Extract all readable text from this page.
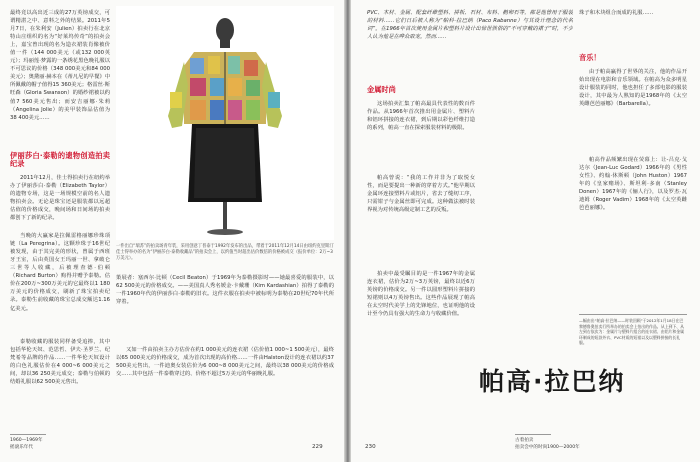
最终竞以高出近三成的27万英镑成交，可谓精湛之中、意料之外的结果。2011年5月7日，在朱利安（Julien）拍卖行在北京特山庄组织的名为“好莱坞传奇”的拍卖会上，嘉宝曾出现的名为造衣裙装肖像被价值一件（144 000美元（或132 000英元）；玛丽莲·梦露的一条绣花黑色晚礼服以不可思议的价格（348 000美元和84 000美元）；奥黛丽·赫本在《蒂凡尼的早餐》中所佩戴的帽子值得15 360美元；格雷丝·斯旺森（Gloria Swanson）的婚纱裙被以约值7 560美元售出；而安吉丽娜·朱莉（Angelina Jolie）的美甲装饰品估值为38 400美元……

伊丽莎白·泰勒的遗物创造拍卖纪录

2011年12月，佳士得拍卖行在纽约举办了伊丽莎白·泰勒（Elizabeth Taylor）的遗物专场，这是一场规模空前的名人遗物拍卖会。无论是珠宝还是服装都以远超估值的价格成交，晚间场和日间场的拍卖都创下了新的纪录。

当晚的大赢家是拉佩雷格丽娜珍珠项链（La Peregrina）。这颗珍珠于16世纪被发现，由于其完美的形状，曾属于西班牙王室，后由英国女王玛丽一世、拿破仑三世等人收藏，后被理查德·伯顿（Richard Burton）购得并赠予泰勒。估价在200万~300万美元的它最终以1 180万美元的价格成交，刷新了珠宝拍卖纪录。泰勒生前收藏的珠宝总成交额达1.16亿美元。

泰勒收藏的服装同样备受追捧，其中包括华伦天奴、范思哲、伊夫·圣罗兰、纪梵希等品牌的作品……一件华伦天奴设计的白色礼服估价在4 000~6 000美元之间，却以36 250美元成交；泰勒与伯顿的结婚礼服以62 500美元售出。

一件出自“瑞苏”的拍卖场青年装，采用创意丁普泰于1992年发布的出品，带着于2011年12月14日由纽约克里斯汀佳士得举办的名为“伊丽莎白·泰勒收藏品”的拍卖会上，以约值当时超出估价数倍的价格被成交（报价单位：2万~3万美元）。

策展者：塞西尔·比顿（Cecil Beaton）于1969年为泰勒摄影时——她最喜爱的服装中，以62 500美元的价格成交。——美国真人秀名媛金·卡戴珊（Kim Kardashian）拍得了泰勒的一件1960年代的伊丽莎白·泰勒的旧衣。这件衣服在拍卖中被标明为泰勒在20世纪70年代所穿着。

又如一件由拍卖主办方估价在约1 000美元的连衣裙（估价值1 000~1 500美元），最终以65 000美元的价格成交，成为首次出现的高价格……一件由Halston设计的连衣裙以约37 500美元售出，一件迪奥女装估价为6 000~8 000美元之间，最终以38 000美元的价格成交……其中包括一件泰勒穿过的、价格不超过5万美元的华丽晚礼服。

1960—1969年
摇滚乐年代	229

PVC、木材、金属、配套纤维塑料、拼板、石材、布料、鹅卵石等，都是他曾用于服装的材料……它们日后被人称为“帕科·拉巴纳（Paco Rabanne）与其设计理念的代名词”。在1966年首次使用金属片和塑料片设计出惊世骇俗的“不可穿戴的裙子”时，不少人认为他是在哗众取宠。然而……

金属时尚

这场拍卖汇集了帕高最具代表性的数百件作品。从1966年首次推出用金属片、塑料片和铝环拼接的连衣裙，到后期以彩色纤维打造的系列，帕高一直在探索服装材料的极限。

帕高曾说：“我的工作并非为了取悦女性，而是要提出一种新的穿着方式。”他早期以金属环连接塑料片或铝片，省去了缝纫工序，只需钳子与金属丝即可完成。这种做法被时装界视为对传统高级定制工艺的反叛。

拍卖中最受瞩目的是一件1967年的金属连衣裙，估价为2万~3万英镑，最终以近6万英镑的价格成交。另一件以圆形塑料片拼接的短裙则以4万英镑售出。这些作品展现了帕高在太空时代美学上的先锋地位，也证明他的设计至今仍具有强大的生命力与收藏价值。

珠子和木块组合而成的礼服……

音乐！

由于帕高赢得了世界的关注，他的作品开始出现在电影和音乐领域。在帕高为众多明星设计服装的同时，他也担任了多部电影的服装设计，其中最为人熟知的是1968年的《太空英雌芭芭丽娜》（Barbarella）。

帕高作品频繁出现在荧幕上：让-吕克·戈达尔（Jean-Luc Godard）1966年的《男性女性》、约翰·休斯顿（John Huston）1967年的《皇家赌场》、斯坦利·多南（Stanley Donen）1967年的《俪人行》，以及罗杰·瓦迪姆（Roger Vadim）1968年的《太空英雌芭芭丽娜》。

—幅由出“帕高·拉巴纳——时装回顾”于2012年1月18日在巴黎德鲁奥拍卖行所举办的拍卖会上拍出的作品。从上到下、从左到右依次为：金属片与塑料片组合的连衣裙、由铝片和金属环制成的短款外衣、PVC材质的短裙以及以塑料拼接的长礼服。
帕高·拉巴纳
230
古着拍卖
拍卖会中的时尚1900—2000年
